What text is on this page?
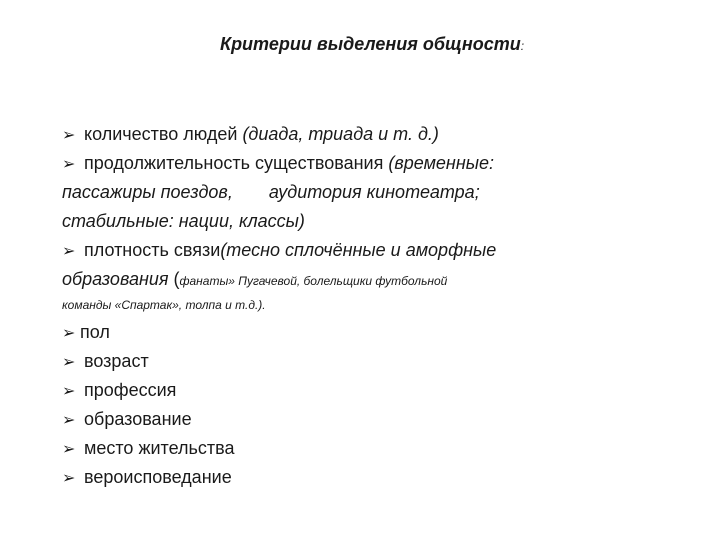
Критерии выделения общности:
➢ количество людей (диада, триада и т. д.)
➢ продолжительность существования (временные:
пассажиры поездов, аудитория кинотеатра;
стабильные: нации, классы)
➢ плотность связи(тесно сплочённые и аморфные
образования (фанаты» Пугачевой, болельщики футбольной
команды «Спартак», толпа и т.д.).
➢ пол
➢ возраст
➢ профессия
➢ образование
➢ место жительства
➢ вероисповедание
